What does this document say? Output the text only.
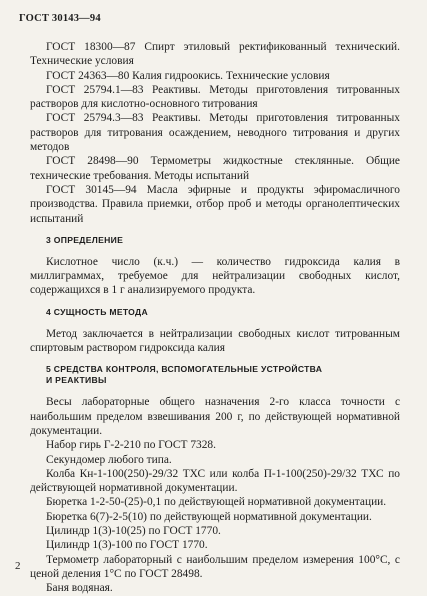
ГОСТ 30143—94

ГОСТ 18300—87 Спирт этиловый ректификованный технический. Технические условия

ГОСТ 24363—80 Калия гидроокись. Технические условия

ГОСТ 25794.1—83 Реактивы. Методы приготовления титрованных растворов для кислотно-основного титрования

ГОСТ 25794.3—83 Реактивы. Методы приготовления титрованных растворов для титрования осаждением, неводного титрования и других методов

ГОСТ 28498—90 Термометры жидкостные стеклянные. Общие технические требования. Методы испытаний

ГОСТ 30145—94 Масла эфирные и продукты эфиромасличного производства. Правила приемки, отбор проб и методы органолептических испытаний

3 ОПРЕДЕЛЕНИЕ

Кислотное число (к.ч.) — количество гидроксида калия в миллиграммах, требуемое для нейтрализации свободных кислот, содержащихся в 1 г анализируемого продукта.

4 СУЩНОСТЬ МЕТОДА

Метод заключается в нейтрализации свободных кислот титрованным спиртовым раствором гидроксида калия

5 СРЕДСТВА КОНТРОЛЯ, ВСПОМОГАТЕЛЬНЫЕ УСТРОЙСТВА

И РЕАКТИВЫ

Весы лабораторные общего назначения 2-го класса точности с наибольшим пределом взвешивания 200 г, по действующей нормативной документации.

Набор гирь Г-2-210 по ГОСТ 7328.

Секундомер любого типа.

Колба Кн-1-100(250)-29/32 ТХС или колба П-1-100(250)-29/32 ТХС по действующей нормативной документации.

Бюретка 1-2-50-(25)-0,1 по действующей нормативной документации.

Бюретка 6(7)-2-5(10) по действующей нормативной документации.

Цилиндр 1(3)-10(25) по ГОСТ 1770.

Цилиндр 1(3)-100 по ГОСТ 1770.

Термометр лабораторный с наибольшим пределом измерения 100°С, с ценой деления 1°С по ГОСТ 28498.

Баня водяная.

2
